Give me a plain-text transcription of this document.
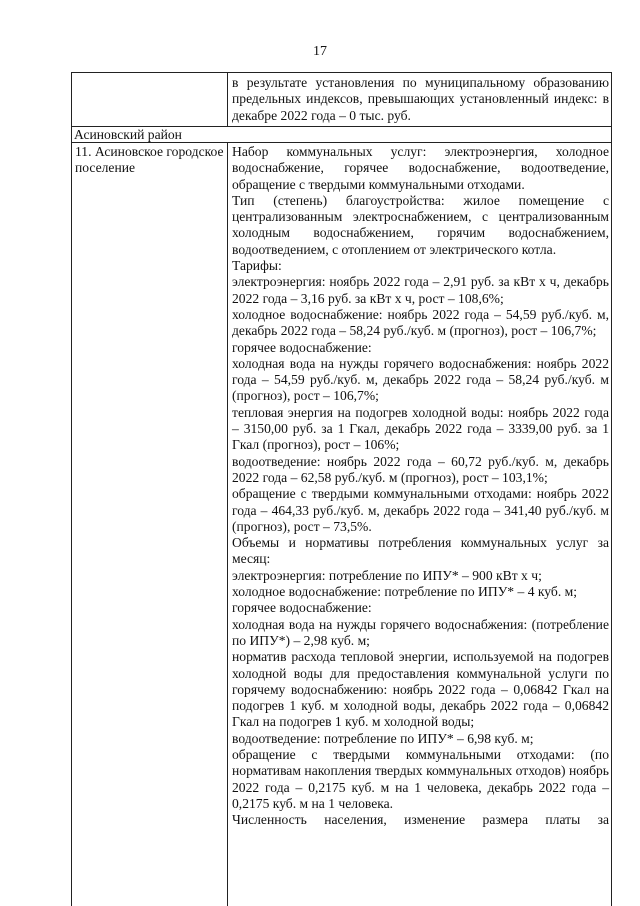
17

в результате установления по муниципальному образованию предельных индексов, превышающих установленный индекс: в декабре 2022 года – 0 тыс. руб.

Асиновский район
11. Асиновское городское поселение

Набор коммунальных услуг: электроэнергия, холодное водоснабжение, горячее водоснабжение, водоотведение, обращение с твердыми коммунальными отходами.

Тип (степень) благоустройства: жилое помещение с централизованным электроснабжением, с централизованным холодным водоснабжением, горячим водоснабжением, водоотведением, с отоплением от электрического котла.

Тарифы:

электроэнергия: ноябрь 2022 года – 2,91 руб. за кВт х ч, декабрь 2022 года – 3,16 руб. за кВт х ч, рост – 108,6%;

холодное водоснабжение: ноябрь 2022 года – 54,59 руб./куб. м, декабрь 2022 года – 58,24 руб./куб. м (прогноз), рост – 106,7%;

горячее водоснабжение:

холодная вода на нужды горячего водоснабжения: ноябрь 2022 года – 54,59 руб./куб. м, декабрь 2022 года – 58,24 руб./куб. м (прогноз), рост – 106,7%;

тепловая энергия на подогрев холодной воды: ноябрь 2022 года – 3150,00 руб. за 1 Гкал, декабрь 2022 года – 3339,00 руб. за 1 Гкал (прогноз), рост – 106%;

водоотведение: ноябрь 2022 года – 60,72 руб./куб. м, декабрь 2022 года – 62,58 руб./куб. м (прогноз), рост – 103,1%;

обращение с твердыми коммунальными отходами: ноябрь 2022 года – 464,33 руб./куб. м, декабрь 2022 года – 341,40 руб./куб. м (прогноз), рост – 73,5%.

Объемы и нормативы потребления коммунальных услуг за месяц:

электроэнергия: потребление по ИПУ* – 900 кВт х ч;

холодное водоснабжение: потребление по ИПУ* – 4 куб. м;

горячее водоснабжение:

холодная вода на нужды горячего водоснабжения: (потребление по ИПУ*) – 2,98 куб. м;

норматив расхода тепловой энергии, используемой на подогрев холодной воды для предоставления коммунальной услуги по горячему водоснабжению: ноябрь 2022 года – 0,06842 Гкал на подогрев 1 куб. м холодной воды, декабрь 2022 года – 0,06842 Гкал на подогрев 1 куб. м холодной воды;

водоотведение: потребление по ИПУ* – 6,98 куб. м;

обращение с твердыми коммунальными отходами: (по нормативам накопления твердых коммунальных отходов) ноябрь 2022 года – 0,2175 куб. м на 1 человека, декабрь 2022 года – 0,2175 куб. м на 1 человека.

Численность населения, изменение размера платы за
